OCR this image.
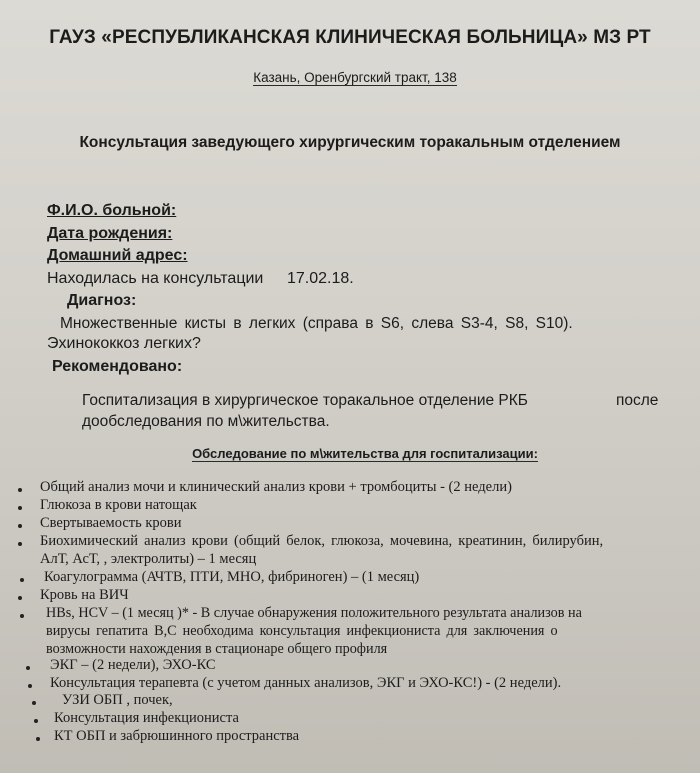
ГАУЗ «РЕСПУБЛИКАНСКАЯ КЛИНИЧЕСКАЯ БОЛЬНИЦА» МЗ РТ
Казань, Оренбургский тракт, 138
Консультация заведующего хирургическим торакальным отделением
Ф.И.О. больной:
Дата рождения:
Домашний адрес:
Находилась на консультации 17.02.18.
Диагноз:
Множественные кисты в легких (справа в S6, слева S3-4, S8, S10).
Эхинококкоз легких?
Рекомендовано:
Госпитализация в хирургическое торакальное отделение РКБ	после
дообследования по м\жительства.
Обследование по м\жительства для госпитализации:
Общий анализ мочи и клинический анализ крови + тромбоциты - (2 недели)
Глюкоза в крови натощак
Свертываемость крови
Биохимический анализ крови (общий белок, глюкоза, мочевина, креатинин, билирубин,
АлТ, АсТ, , электролиты) – 1 месяц
Коагулограмма (АЧТВ, ПТИ, МНО, фибриноген) – (1 месяц)
Кровь на ВИЧ
HBs, HCV – (1 месяц )* - В случае обнаружения положительного результата анализов на
вирусы гепатита В,С необходима консультация инфекциониста для заключения о
возможности нахождения в стационаре общего профиля
ЭКГ – (2 недели), ЭХО-КС
Консультация терапевта (с учетом данных анализов, ЭКГ и ЭХО-КС!) - (2 недели).
УЗИ ОБП , почек,
Консультация инфекциониста
КТ ОБП и забрюшинного пространства
